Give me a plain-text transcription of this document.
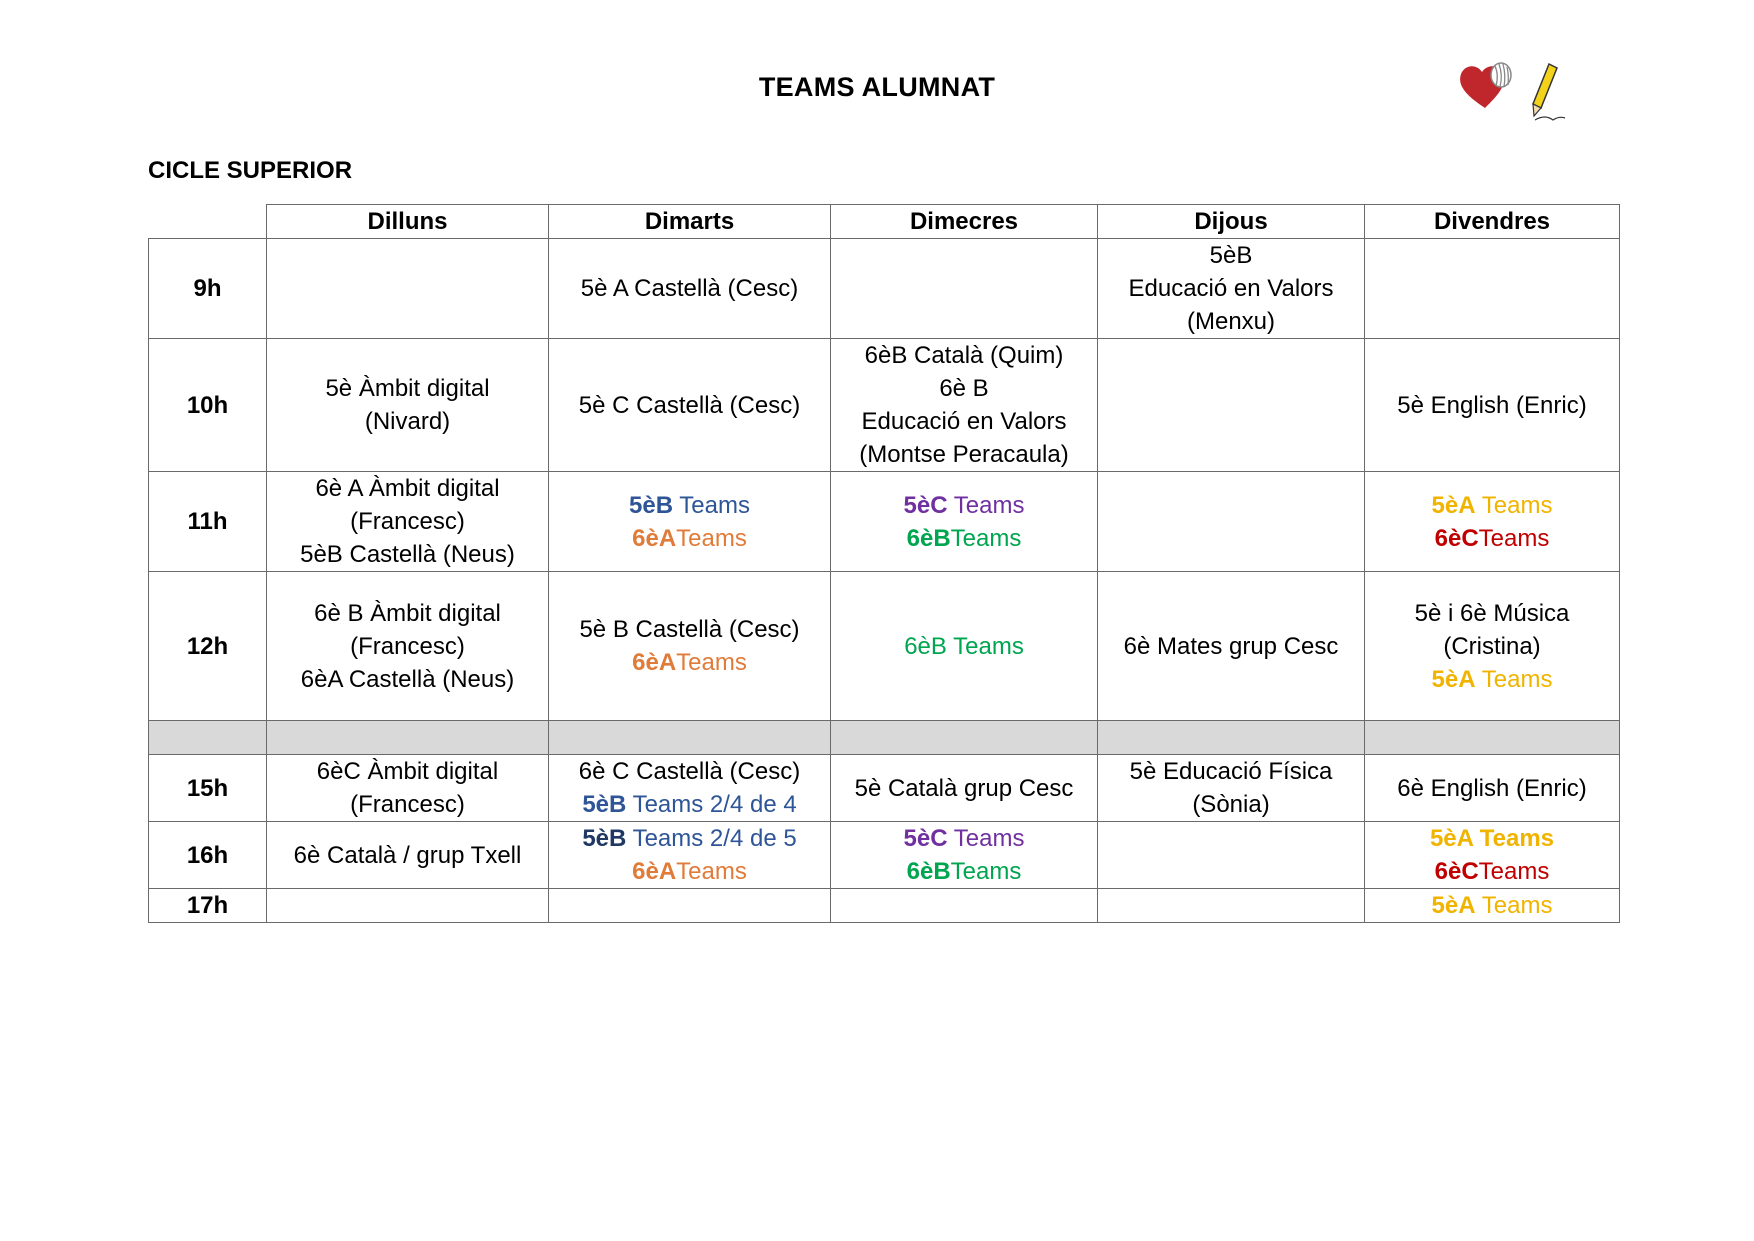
TEAMS ALUMNAT
CICLE SUPERIOR
	Dilluns	Dimarts	Dimecres	Dijous	Divendres
9h		5è A Castellà (Cesc)		5èB
Educació en Valors
(Menxu)	

10h	5è Àmbit digital
(Nivard)	5è C Castellà (Cesc)	6èB Català (Quim)
6è B
Educació en Valors
(Montse Peracaula)		5è English (Enric)

11h	6è A Àmbit digital
(Francesc)
5èB Castellà (Neus)	5èB Teams
6èATeams	5èC Teams
6èBTeams		5èA Teams
6èCTeams

12h	6è B Àmbit digital
(Francesc)
6èA Castellà (Neus)	5è B Castellà (Cesc)
6èATeams	6èB Teams	6è Mates grup Cesc	5è i 6è Música
(Cristina)
5èA Teams

15h	6èC Àmbit digital
(Francesc)	6è C Castellà (Cesc)
5èB Teams 2/4 de 4	5è Català grup Cesc	5è Educació Física
(Sònia)	6è English (Enric)

16h	6è Català / grup Txell	5èB Teams 2/4 de 5
6èATeams	5èC Teams
6èBTeams		5èA Teams
6èCTeams

17h					5èA Teams
